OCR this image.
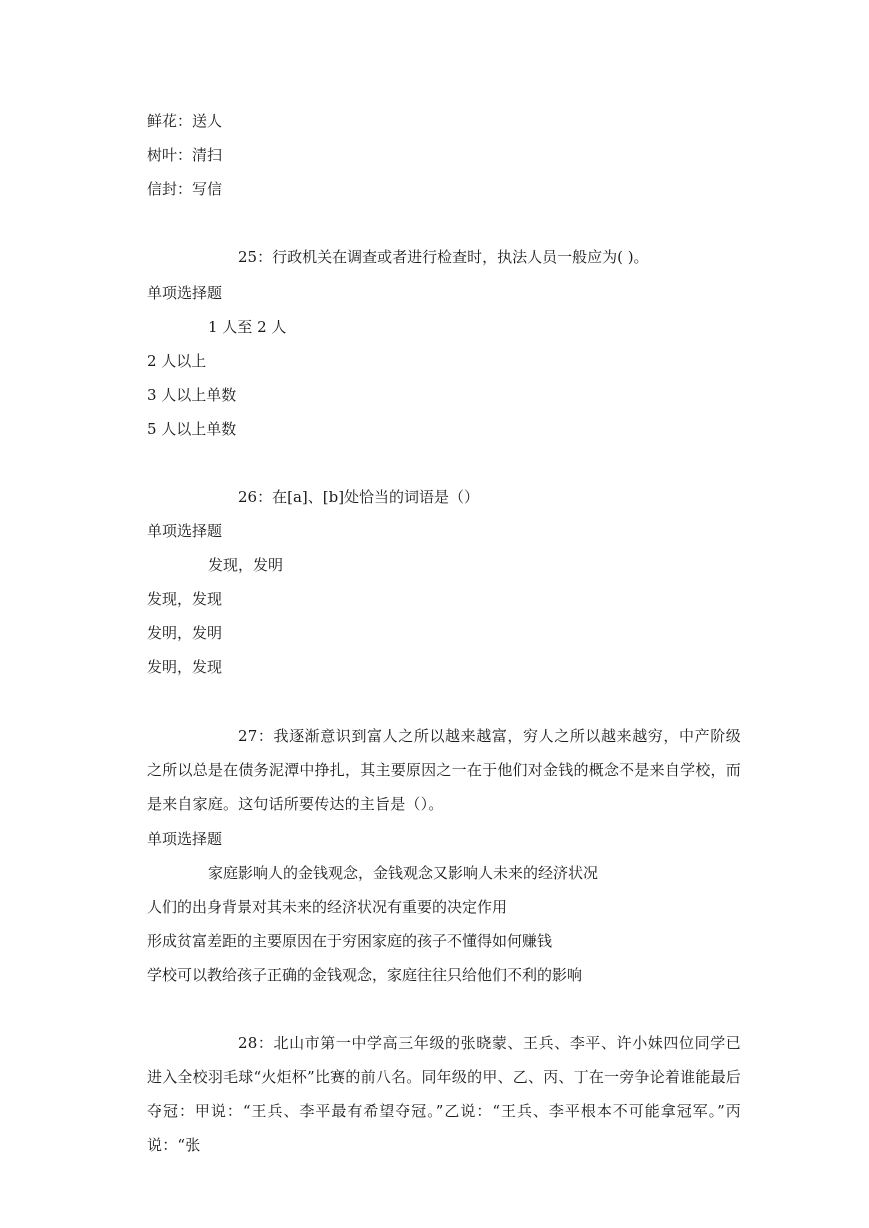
鲜花：送人
树叶：清扫
信封：写信
25：行政机关在调查或者进行检查时，执法人员一般应为( )。
单项选择题
1 人至 2 人
2 人以上
3 人以上单数
5 人以上单数
26：在[a]、[b]处恰当的词语是（）
单项选择题
发现，发明
发现，发现
发明，发明
发明，发现
27：我逐渐意识到富人之所以越来越富，穷人之所以越来越穷，中产阶级之所以总是在债务泥潭中挣扎，其主要原因之一在于他们对金钱的概念不是来自学校，而是来自家庭。这句话所要传达的主旨是（）。
单项选择题
家庭影响人的金钱观念，金钱观念又影响人未来的经济状况
人们的出身背景对其未来的经济状况有重要的决定作用
形成贫富差距的主要原因在于穷困家庭的孩子不懂得如何赚钱
学校可以教给孩子正确的金钱观念，家庭往往只给他们不利的影响
28：北山市第一中学高三年级的张晓蒙、王兵、李平、许小妹四位同学已进入全校羽毛球“火炬杯”比赛的前八名。同年级的甲、乙、丙、丁在一旁争论着谁能最后夺冠：甲说：“王兵、李平最有希望夺冠。”乙说：“王兵、李平根本不可能拿冠军。”丙说：“张
